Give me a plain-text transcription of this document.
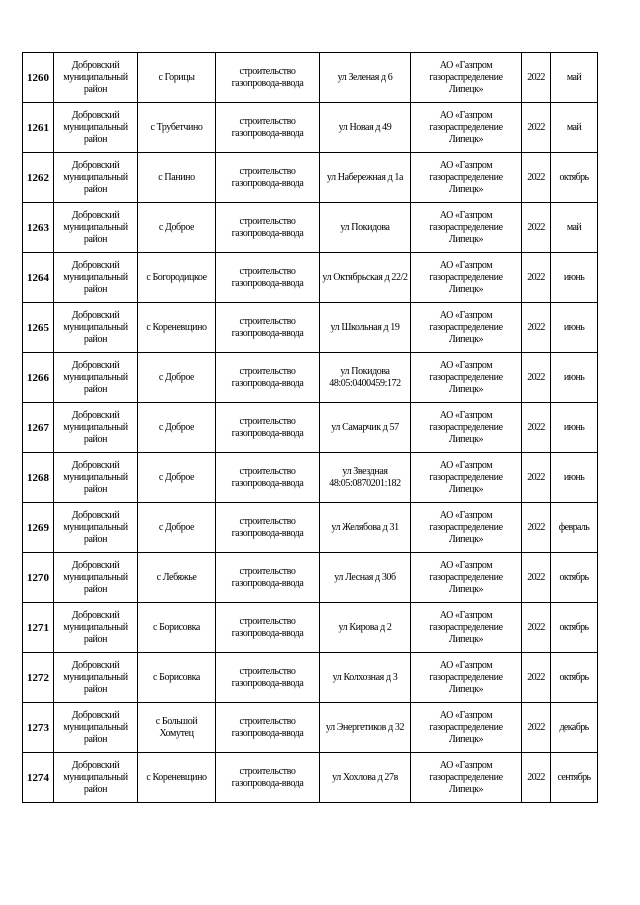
1260	Добровский муниципальный район	с Горицы	строительство газопровода-ввода	ул Зеленая д 6	АО «Газпром газораспределение Липецк»	2022	май
1261	Добровский муниципальный район	с Трубетчино	строительство газопровода-ввода	ул Новая д 49	АО «Газпром газораспределение Липецк»	2022	май
1262	Добровский муниципальный район	с Панино	строительство газопровода-ввода	ул Набережная д 1а	АО «Газпром газораспределение Липецк»	2022	октябрь
1263	Добровский муниципальный район	с Доброе	строительство газопровода-ввода	ул Покидова	АО «Газпром газораспределение Липецк»	2022	май
1264	Добровский муниципальный район	с Богородицкое	строительство газопровода-ввода	ул Октябрьская д 22/2	АО «Газпром газораспределение Липецк»	2022	июнь
1265	Добровский муниципальный район	с Кореневщино	строительство газопровода-ввода	ул Школьная д 19	АО «Газпром газораспределение Липецк»	2022	июнь
1266	Добровский муниципальный район	с Доброе	строительство газопровода-ввода	ул Покидова 48:05:0400459:172	АО «Газпром газораспределение Липецк»	2022	июнь
1267	Добровский муниципальный район	с Доброе	строительство газопровода-ввода	ул Самарчик д 57	АО «Газпром газораспределение Липецк»	2022	июнь
1268	Добровский муниципальный район	с Доброе	строительство газопровода-ввода	ул Звездная 48:05:0870201:182	АО «Газпром газораспределение Липецк»	2022	июнь
1269	Добровский муниципальный район	с Доброе	строительство газопровода-ввода	ул Желябова д 31	АО «Газпром газораспределение Липецк»	2022	февраль
1270	Добровский муниципальный район	с Лебяжье	строительство газопровода-ввода	ул Лесная д 30б	АО «Газпром газораспределение Липецк»	2022	октябрь
1271	Добровский муниципальный район	с Борисовка	строительство газопровода-ввода	ул Кирова д 2	АО «Газпром газораспределение Липецк»	2022	октябрь
1272	Добровский муниципальный район	с Борисовка	строительство газопровода-ввода	ул Колхозная д 3	АО «Газпром газораспределение Липецк»	2022	октябрь
1273	Добровский муниципальный район	с Большой Хомутец	строительство газопровода-ввода	ул Энергетиков д 32	АО «Газпром газораспределение Липецк»	2022	декабрь
1274	Добровский муниципальный район	с Кореневщино	строительство газопровода-ввода	ул Хохлова д 27в	АО «Газпром газораспределение Липецк»	2022	сентябрь
